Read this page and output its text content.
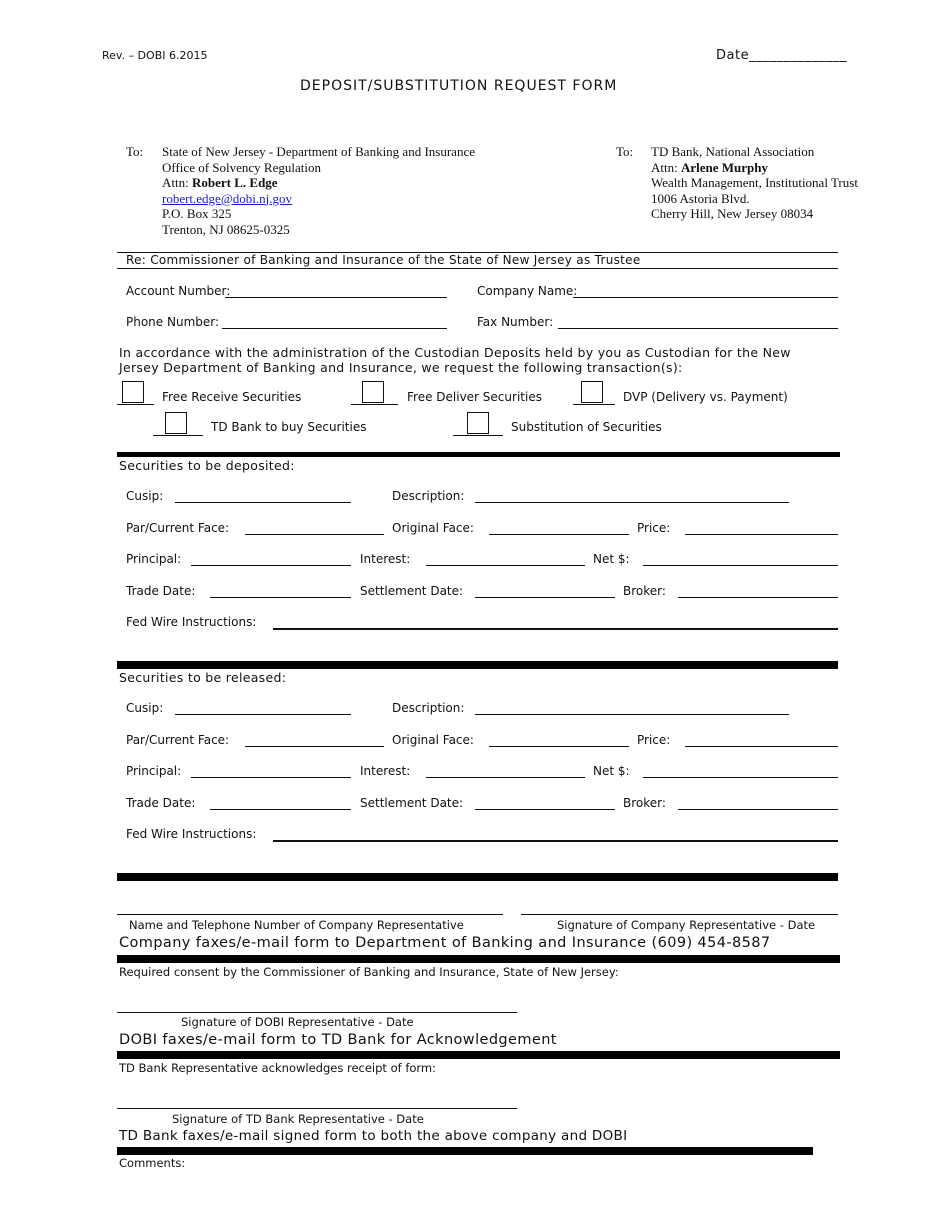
Rev. – DOBI 6.2015	Date______________
DEPOSIT/SUBSTITUTION REQUEST FORM
To: State of New Jersey - Department of Banking and Insurance
Office of Solvency Regulation
Attn: Robert L. Edge
robert.edge@dobi.nj.gov
P.O. Box 325
Trenton, NJ 08625-0325
To: TD Bank, National Association
Attn: Arlene Murphy
Wealth Management, Institutional Trust
1006 Astoria Blvd.
Cherry Hill, New Jersey 08034
Re: Commissioner of Banking and Insurance of the State of New Jersey as Trustee
Account Number:	Company Name:
Phone Number:	Fax Number:
In accordance with the administration of the Custodian Deposits held by you as Custodian for the New Jersey Department of Banking and Insurance, we request the following transaction(s):
Free Receive Securities	Free Deliver Securities	DVP (Delivery vs. Payment)
TD Bank to buy Securities	Substitution of Securities
Securities to be deposited:
Cusip:	Description:
Par/Current Face:	Original Face:	Price:
Principal:	Interest:	Net $:
Trade Date:	Settlement Date:	Broker:
Fed Wire Instructions:
Securities to be released:
Cusip:	Description:
Par/Current Face:	Original Face:	Price:
Principal:	Interest:	Net $:
Trade Date:	Settlement Date:	Broker:
Fed Wire Instructions:
Name and Telephone Number of Company Representative	Signature of Company Representative - Date
Company faxes/e-mail form to Department of Banking and Insurance (609) 454-8587
Required consent by the Commissioner of Banking and Insurance, State of New Jersey:
Signature of DOBI Representative - Date
DOBI faxes/e-mail form to TD Bank for Acknowledgement
TD Bank Representative acknowledges receipt of form:
Signature of TD Bank Representative - Date
TD Bank faxes/e-mail signed form to both the above company and DOBI
Comments:
